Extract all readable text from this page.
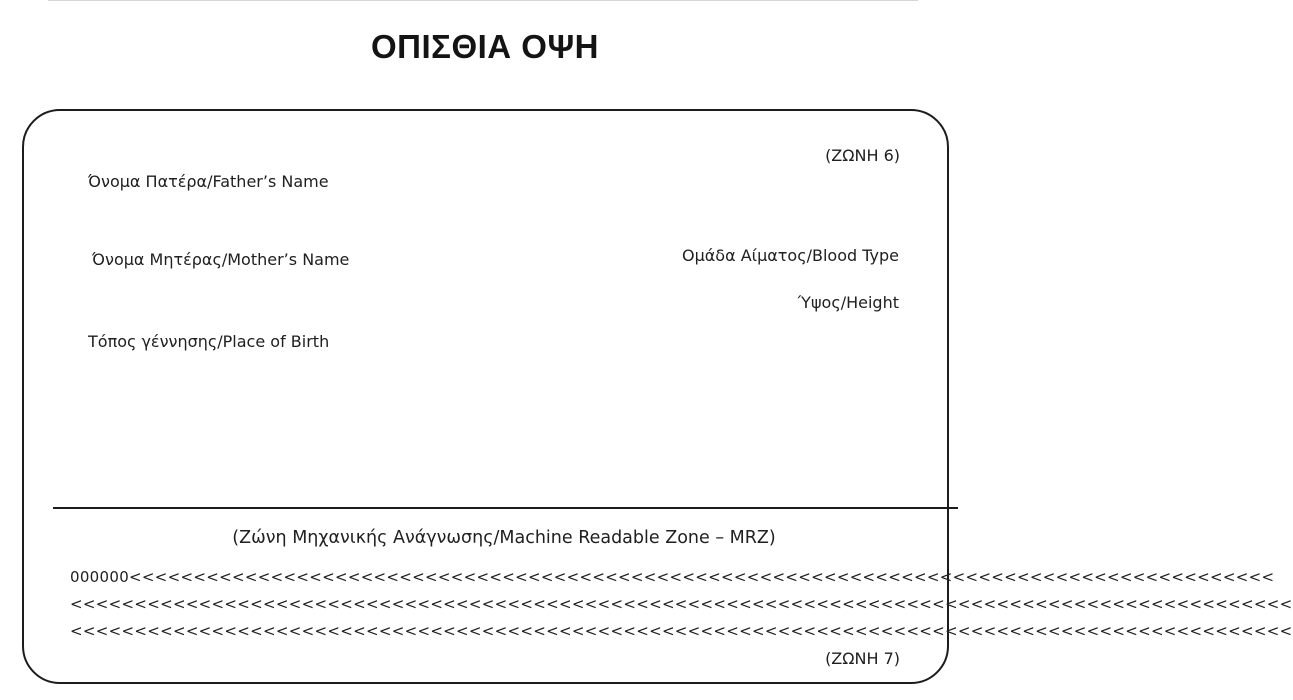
ΟΠΙΣΘΙΑ ΟΨΗ
(ΖΩΝΗ 6)
Όνομα Πατέρα/Father’s Name
Όνομα Μητέρας/Mother’s Name	Ομάδα Αίματος/Blood Type
Ύψος/Height
Τόπος γέννησης/Place of Birth
(Ζώνη Μηχανικής Ανάγνωσης/Machine Readable Zone – MRZ)
000000<<<<<<<<<<<<<<<<<<<<<<<<<<<<<<<<<<<<<<<<<<<<<<<<<<<<<<<<<<<<<<<<<<<<<<<<<<<<<<<<<<<<<<<<<
<<<<<<<<<<<<<<<<<<<<<<<<<<<<<<<<<<<<<<<<<<<<<<<<<<<<<<<<<<<<<<<<<<<<<<<<<<<<<<<<<<<<<<<<<<<<<<<
<<<<<<<<<<<<<<<<<<<<<<<<<<<<<<<<<<<<<<<<<<<<<<<<<<<<<<<<<<<<<<<<<<<<<<<<<<<<<<<<<<<<<<<<<<<<<<<
(ΖΩΝΗ 7)
